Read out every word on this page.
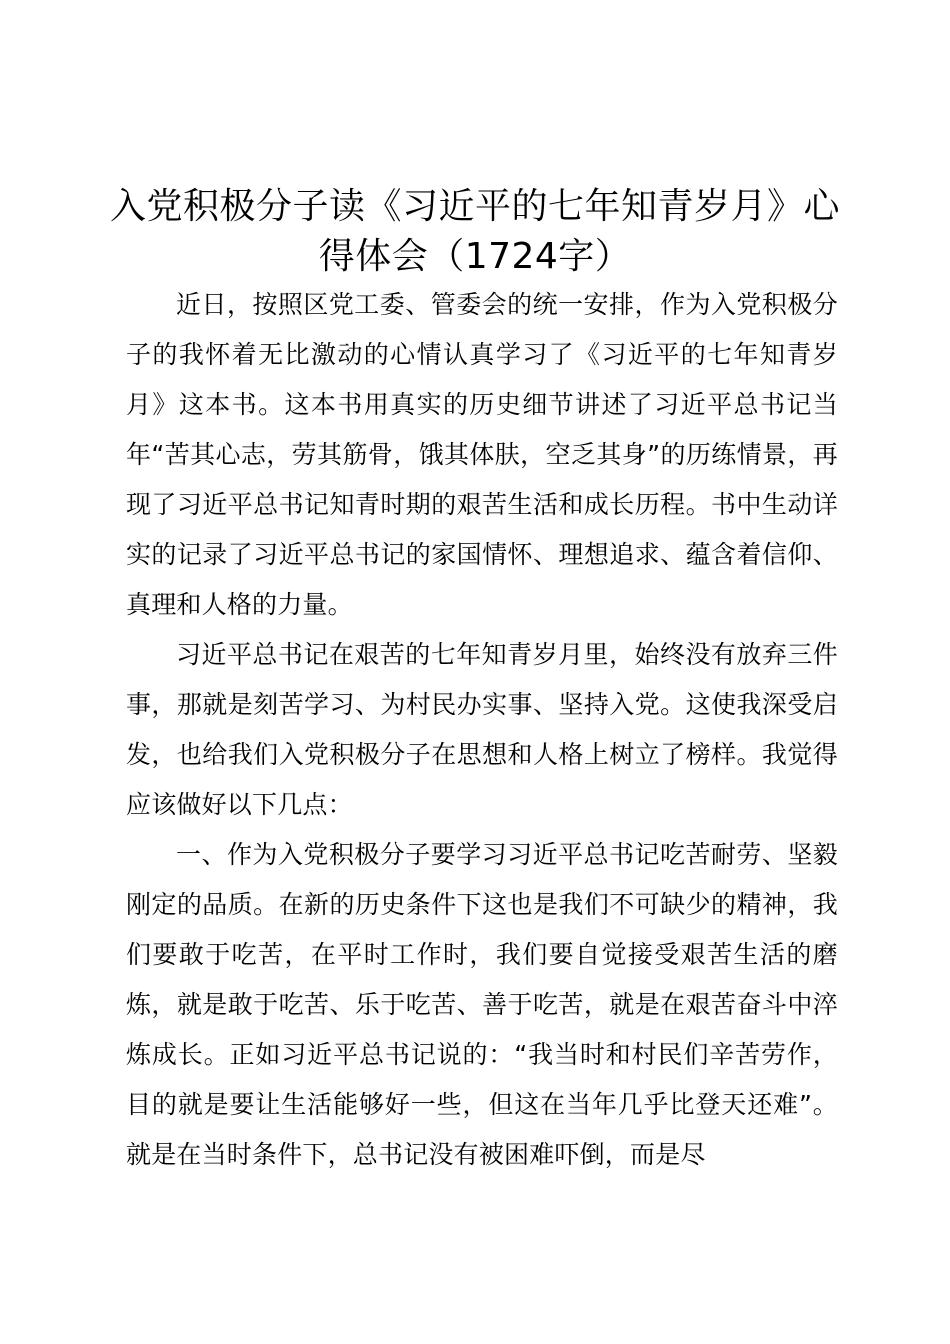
入党积极分子读《习近平的七年知青岁月》心得体会（1724字）

近日，按照区党工委、管委会的统一安排，作为入党积极分子的我怀着无比激动的心情认真学习了《习近平的七年知青岁月》这本书。这本书用真实的历史细节讲述了习近平总书记当年“苦其心志，劳其筋骨，饿其体肤，空乏其身”的历练情景，再现了习近平总书记知青时期的艰苦生活和成长历程。书中生动详实的记录了习近平总书记的家国情怀、理想追求、蕴含着信仰、真理和人格的力量。

习近平总书记在艰苦的七年知青岁月里，始终没有放弃三件事，那就是刻苦学习、为村民办实事、坚持入党。这使我深受启发，也给我们入党积极分子在思想和人格上树立了榜样。我觉得应该做好以下几点：

一、作为入党积极分子要学习习近平总书记吃苦耐劳、坚毅刚定的品质。在新的历史条件下这也是我们不可缺少的精神，我们要敢于吃苦，在平时工作时，我们要自觉接受艰苦生活的磨炼，就是敢于吃苦、乐于吃苦、善于吃苦，就是在艰苦奋斗中淬炼成长。正如习近平总书记说的：“我当时和村民们辛苦劳作，目的就是要让生活能够好一些，但这在当年几乎比登天还难”。就是在当时条件下，总书记没有被困难吓倒，而是尽
